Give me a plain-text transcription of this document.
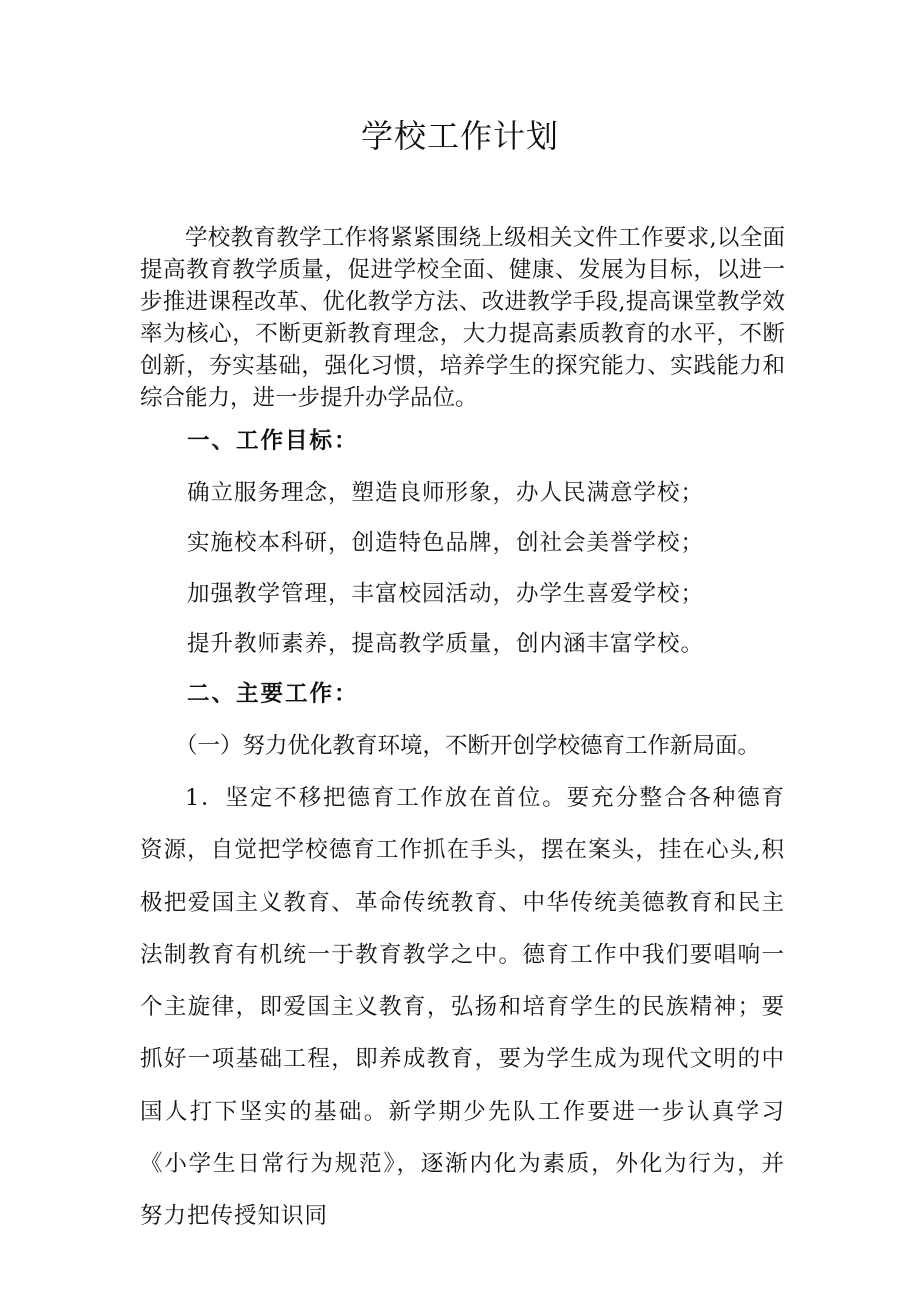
学校工作计划

学校教育教学工作将紧紧围绕上级相关文件工作要求,以全面提高教育教学质量，促进学校全面、健康、发展为目标，以进一步推进课程改革、优化教学方法、改进教学手段,提高课堂教学效率为核心，不断更新教育理念，大力提高素质教育的水平，不断创新，夯实基础，强化习惯，培养学生的探究能力、实践能力和综合能力，进一步提升办学品位。

一、工作目标：

确立服务理念，塑造良师形象，办人民满意学校；

实施校本科研，创造特色品牌，创社会美誉学校；

加强教学管理，丰富校园活动，办学生喜爱学校；

提升教师素养，提高教学质量，创内涵丰富学校。

二、主要工作：

（一）努力优化教育环境，不断开创学校德育工作新局面。

1．坚定不移把德育工作放在首位。要充分整合各种德育资源，自觉把学校德育工作抓在手头，摆在案头，挂在心头,积极把爱国主义教育、革命传统教育、中华传统美德教育和民主法制教育有机统一于教育教学之中。德育工作中我们要唱响一个主旋律，即爱国主义教育，弘扬和培育学生的民族精神；要抓好一项基础工程，即养成教育，要为学生成为现代文明的中国人打下坚实的基础。新学期少先队工作要进一步认真学习《小学生日常行为规范》，逐渐内化为素质，外化为行为，并努力把传授知识同
